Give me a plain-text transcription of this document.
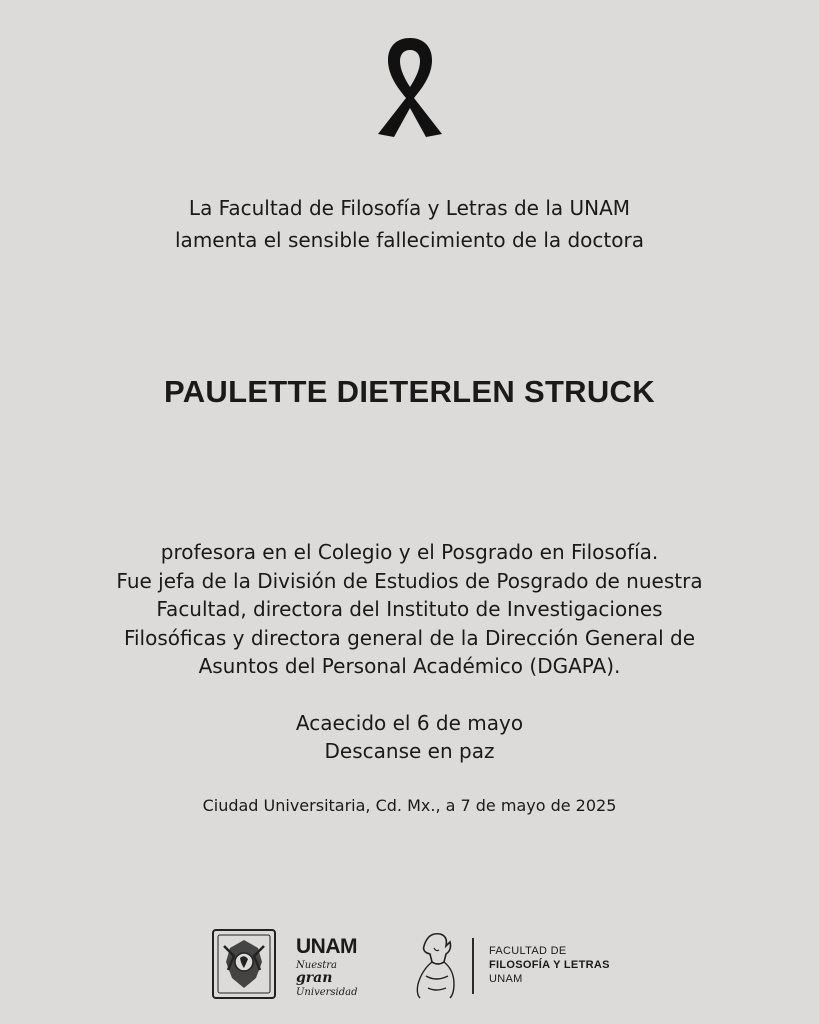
La Facultad de Filosofía y Letras de la UNAM
lamenta el sensible fallecimiento de la doctora
PAULETTE DIETERLEN STRUCK
profesora en el Colegio y el Posgrado en Filosofía.
Fue jefa de la División de Estudios de Posgrado de nuestra
Facultad, directora del Instituto de Investigaciones
Filosóficas y directora general de la Dirección General de
Asuntos del Personal Académico (DGAPA).
Acaecido el 6 de mayo
Descanse en paz
Ciudad Universitaria, Cd. Mx., a 7 de mayo de 2025
UNAM
Nuestra gran
Universidad
FACULTAD DE
FILOSOFÍA Y LETRAS
UNAM
